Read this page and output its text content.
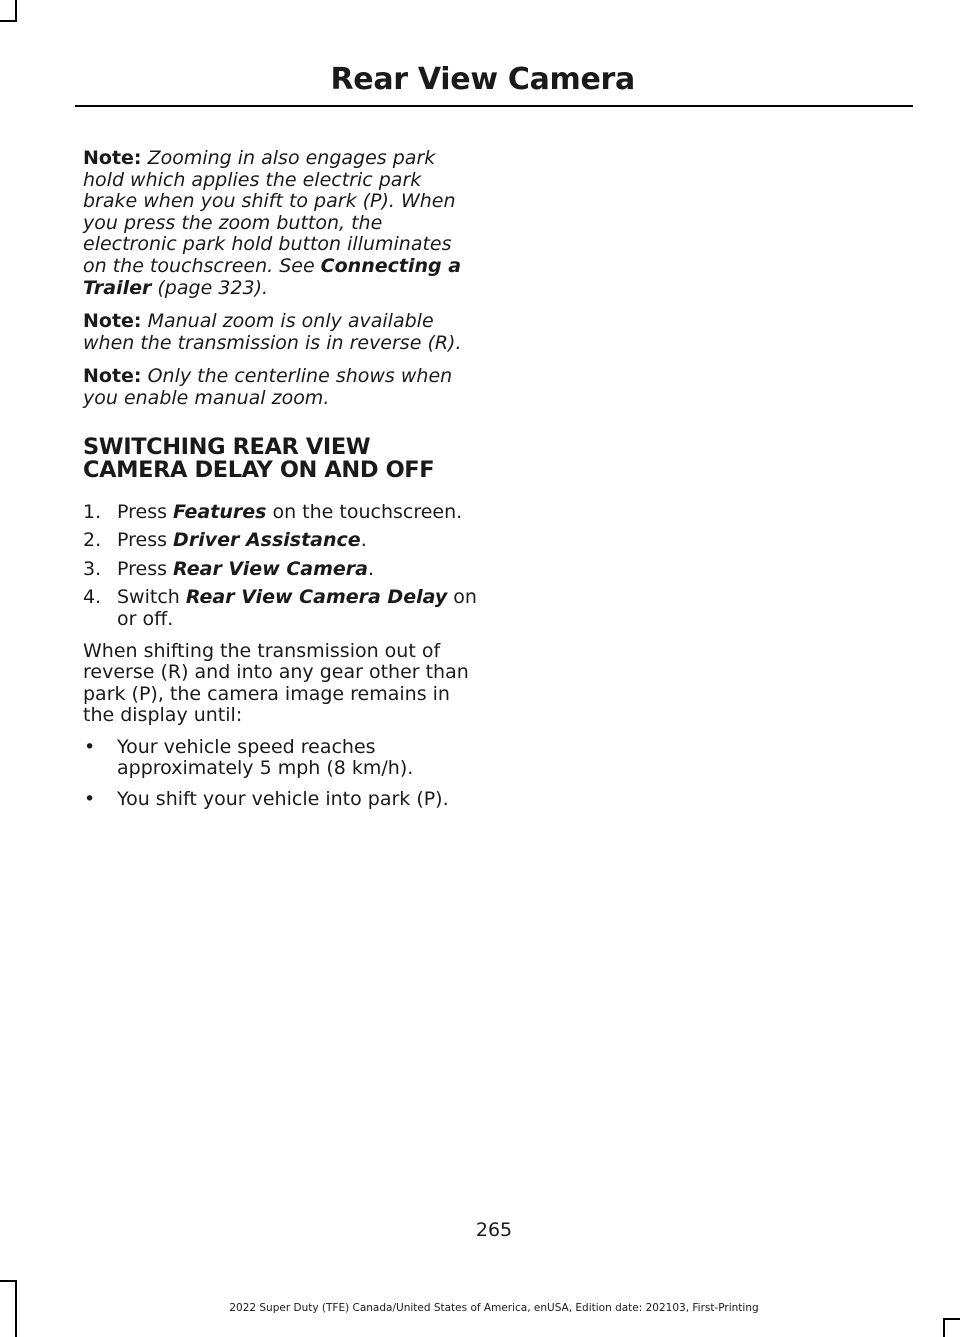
Rear View Camera

Note: Zooming in also engages park hold which applies the electric park brake when you shift to park (P). When you press the zoom button, the electronic park hold button illuminates on the touchscreen. See Connecting a Trailer (page 323).

Note: Manual zoom is only available when the transmission is in reverse (R).

Note: Only the centerline shows when you enable manual zoom.

SWITCHING REAR VIEW CAMERA DELAY ON AND OFF
1. Press Features on the touchscreen.
2. Press Driver Assistance.
3. Press Rear View Camera.
4. Switch Rear View Camera Delay on or off.

When shifting the transmission out of reverse (R) and into any gear other than park (P), the camera image remains in the display until:

• Your vehicle speed reaches approximately 5 mph (8 km/h).
• You shift your vehicle into park (P).
265
2022 Super Duty (TFE) Canada/United States of America, enUSA, Edition date: 202103, First-Printing
